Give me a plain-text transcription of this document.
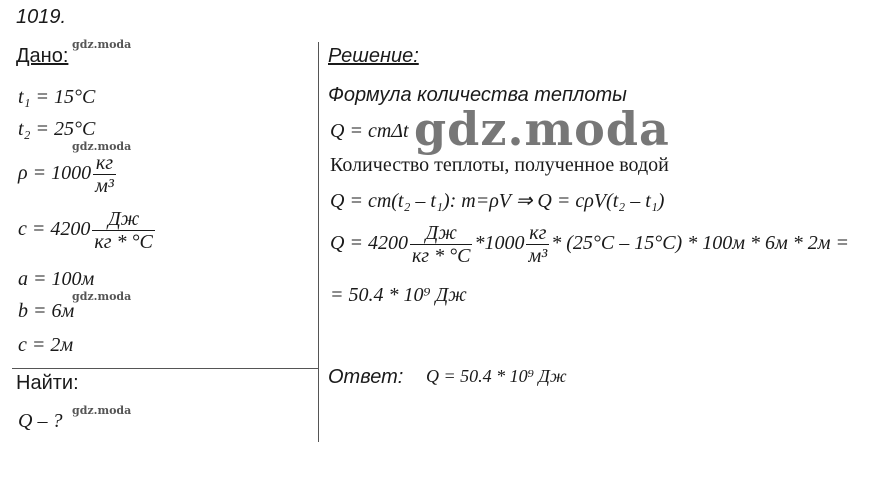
1019.
Дано:
gdz.moda
t₁ = 15°C
t₂ = 25°C
gdz.moda
$\rho = 1000 \frac{кг}{\text{м³}}$
$c = 4200 \frac{Дж}{кг * ^\circ C}$
a = 100м
gdz.moda
b = 6м
c = 2м
Найти:
Q – ? gdz.moda
Решение:
Формула количества теплоты
Q = cmΔt gdz.moda
Количество теплоты, полученное водой
Q = cm(t₂ – t₁): m=ρV ⇒ Q = cρV(t₂ – t₁)
$Q = 4200 \frac{Дж}{кг * ^\circ C} *1000 \frac{кг}{\text{м³}} * (25^\circ C - 15^\circ C) * 100м * 6м * 2м$ =
= 50.4 * 10⁹ Дж
Ответ: Q = 50.4 * 10⁹ Дж
